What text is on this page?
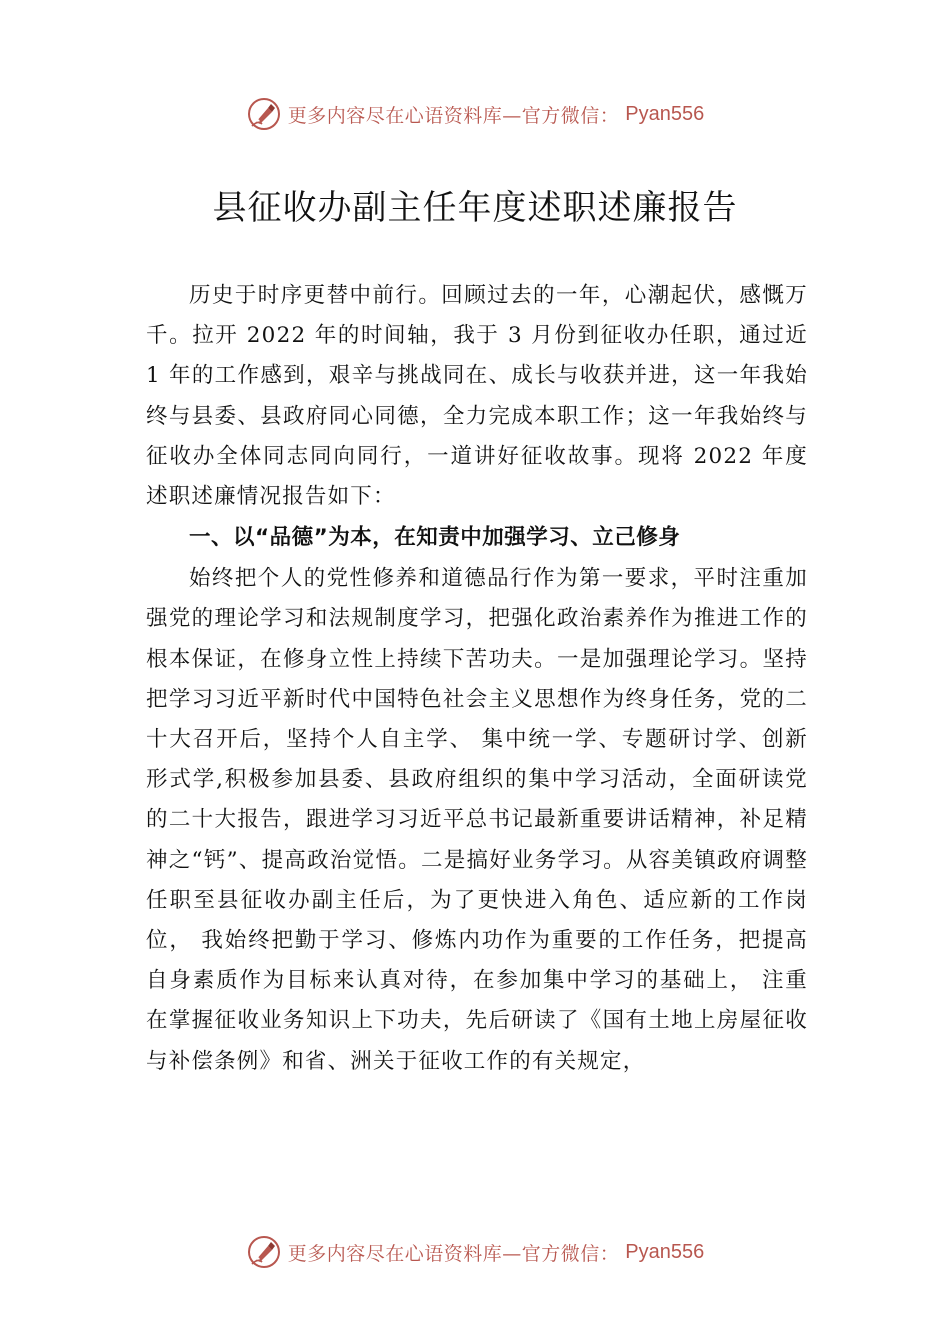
更多内容尽在心语资料库—官方微信： Pyan556
县征收办副主任年度述职述廉报告

历史于时序更替中前行。回顾过去的一年，心潮起伏，感慨万千。拉开 2022 年的时间轴，我于 3 月份到征收办任职，通过近 1 年的工作感到，艰辛与挑战同在、成长与收获并进，这一年我始终与县委、县政府同心同德，全力完成本职工作；这一年我始终与征收办全体同志同向同行，一道讲好征收故事。现将 2022 年度述职述廉情况报告如下：

一、以“品德”为本，在知责中加强学习、立己修身

始终把个人的党性修养和道德品行作为第一要求，平时注重加强党的理论学习和法规制度学习，把强化政治素养作为推进工作的根本保证，在修身立性上持续下苦功夫。一是加强理论学习。坚持把学习习近平新时代中国特色社会主义思想作为终身任务，党的二十大召开后，坚持个人自主学、 集中统一学、专题研讨学、创新形式学,积极参加县委、县政府组织的集中学习活动，全面研读党的二十大报告，跟进学习习近平总书记最新重要讲话精神，补足精神之“钙”、提高政治觉悟。二是搞好业务学习。从容美镇政府调整任职至县征收办副主任后，为了更快进入角色、适应新的工作岗位， 我始终把勤于学习、修炼内功作为重要的工作任务，把提高自身素质作为目标来认真对待，在参加集中学习的基础上， 注重在掌握征收业务知识上下功夫，先后研读了《国有土地上房屋征收与补偿条例》和省、洲关于征收工作的有关规定，

更多内容尽在心语资料库—官方微信： Pyan556
